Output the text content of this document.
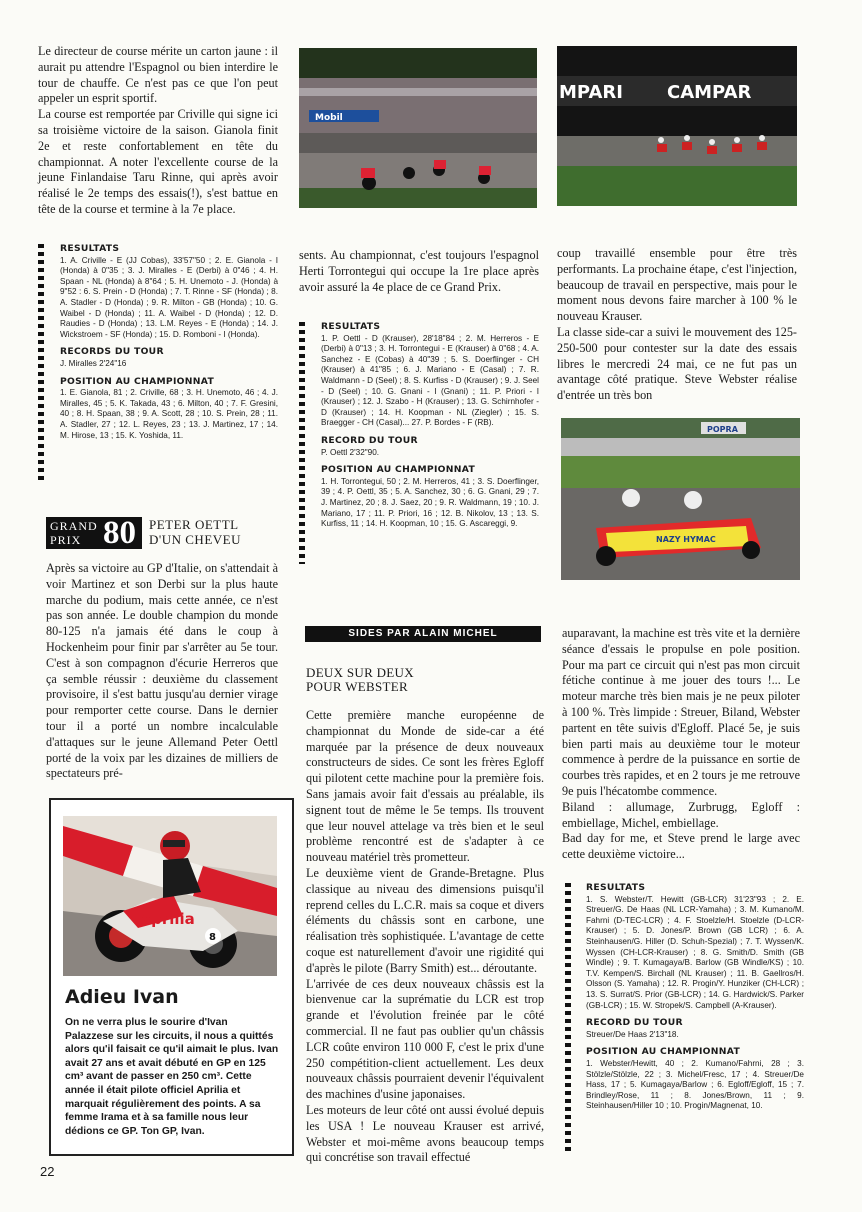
Le directeur de course mérite un carton jaune : il aurait pu attendre l'Espagnol ou bien interdire le tour de chauffe. Ce n'est pas ce que l'on peut appeler un esprit sportif.

La course est remportée par Criville qui signe ici sa troisième victoire de la saison. Gianola finit 2e et reste confortablement en tête du championnat. A noter l'excellente course de la jeune Finlandaise Taru Rinne, qui après avoir réalisé le 2e temps des essais(!), s'est battue en tête de la course et termine à la 7e place.

RESULTATS

1. A. Criville - E (JJ Cobas), 33'57"50 ; 2. E. Gianola - I (Honda) à 0"35 ; 3. J. Miralles - E (Derbi) à 0"46 ; 4. H. Spaan - NL (Honda) à 8"64 ; 5. H. Unemoto - J. (Honda) à 9"52 : 6. S. Prein - D (Honda) ; 7. T. Rinne - SF (Honda) ; 8. A. Stadler - D (Honda) ; 9. R. Milton - GB (Honda) ; 10. G. Waibel - D (Honda) ; 11. A. Waibel - D (Honda) ; 12. D. Raudies - D (Honda) ; 13. L.M. Reyes - E (Honda) ; 14. J. Wickstroem - SF (Honda) ; 15. D. Romboni - I (Honda).

RECORDS DU TOUR

J. Miralles 2'24"16

POSITION AU CHAMPIONNAT

1. E. Gianola, 81 ; 2. Criville, 68 ; 3. H. Unemoto, 46 ; 4. J. Miralles, 45 ; 5. K. Takada, 43 ; 6. Milton, 40 ; 7. F. Gresini, 40 ; 8. H. Spaan, 38 ; 9. A. Scott, 28 ; 10. S. Prein, 28 ; 11. A. Stadler, 27 ; 12. L. Reyes, 23 ; 13. J. Martinez, 17 ; 14. M. Hirose, 13 ; 15. K. Yoshida, 11.

GRAND
PRIX 80 PETER OETTL
D'UN CHEVEU

Après sa victoire au GP d'Italie, on s'attendait à voir Martinez et son Derbi sur la plus haute marche du podium, mais cette année, ce n'est pas son année. Le double champion du monde 80-125 n'a jamais été dans le coup à Hockenheim pour finir par s'arrêter au 5e tour. C'est à son compagnon d'écurie Herreros que ça semble réussir : deuxième du classement provisoire, il s'est battu jusqu'au dernier virage pour remporter cette course. Dans le dernier tour il a porté un nombre incalculable d'attaques sur le jeune Allemand Peter Oettl porté de la voix par les dizaines de milliers de spectateurs pré-

aprilia
8
Adieu Ivan
On ne verra plus le sourire d'Ivan Palazzese sur les circuits, il nous a quittés alors qu'il faisait ce qu'il aimait le plus. Ivan avait 27 ans et avait débuté en GP en 125 cm³ avant de passer en 250 cm³. Cette année il était pilote officiel Aprilia et marquait régulièrement des points. A sa femme Irama et à sa famille nous leur dédions ce GP. Ton GP, Ivan.
22
Mobil

sents. Au championnat, c'est toujours l'espagnol Herti Torrontegui qui occupe la 1re place après avoir assuré la 4e place de ce Grand Prix.

RESULTATS

1. P. Oettl - D (Krauser), 28'18"84 ; 2. M. Herreros - E (Derbi) à 0"13 ; 3. H. Torrontegui - E (Krauser) à 0"68 ; 4. A. Sanchez - E (Cobas) à 40"39 ; 5. S. Doerflinger - CH (Krauser) à 41"85 ; 6. J. Mariano - E (Casal) ; 7. R. Waldmann - D (Seel) ; 8. S. Kurfiss - D (Krauser) ; 9. J. Seel - D (Seel) ; 10. G. Gnani - I (Gnani) ; 11. P. Priori - I (Krauser) ; 12. J. Szabo - H (Krauser) ; 13. G. Schirnhofer - D (Krauser) ; 14. H. Koopman - NL (Ziegler) ; 15. S. Braegger - CH (Casal)... 27. P. Bordes - F (RB).

RECORD DU TOUR

P. Oettl 2'32"90.

POSITION AU CHAMPIONNAT

1. H. Torrontegui, 50 ; 2. M. Herreros, 41 ; 3. S. Doerflinger, 39 ; 4. P. Oettl, 35 ; 5. A. Sanchez, 30 ; 6. G. Gnani, 29 ; 7. J. Martinez, 20 ; 8. J. Saez, 20 ; 9. R. Waldmann, 19 ; 10. J. Mariano, 17 ; 11. P. Priori, 16 ; 12. B. Nikolov, 13 ; 13. S. Kurfiss, 11 ; 14. H. Koopman, 10 ; 15. G. Ascareggi, 9.

SIDES PAR ALAIN MICHEL
DEUX SUR DEUX
POUR WEBSTER

Cette première manche européenne de championnat du Monde de side-car a été marquée par la présence de deux nouveaux constructeurs de sides. Ce sont les frères Egloff qui pilotent cette machine pour la première fois. Sans jamais avoir fait d'essais au préalable, ils signent tout de même le 5e temps. Ils trouvent que leur nouvel attelage va très bien et le seul problème rencontré est de s'adapter à ce nouveau matériel très prometteur.

Le deuxième vient de Grande-Bretagne. Plus classique au niveau des dimensions puisqu'il reprend celles du L.C.R. mais sa coque et divers éléments du châssis sont en carbone, une réalisation très sophistiquée. L'avantage de cette coque est naturellement d'avoir une rigidité qui d'après le pilote (Barry Smith) est... déroutante.

L'arrivée de ces deux nouveaux châssis est la bienvenue car la suprématie du LCR est trop grande et l'évolution freinée par le côté commercial. Il ne faut pas oublier qu'un châssis LCR coûte environ 110 000 F, c'est le prix d'une 250 compétition-client actuellement. Les deux nouveaux châssis pourraient devenir l'équivalent des machines d'usine japonaises.

Les moteurs de leur côté ont aussi évolué depuis les USA ! Le nouveau Krauser est arrivé, Webster et moi-même avons beaucoup temps qui concrétise son travail effectué

MPARI CAMPAR

coup travaillé ensemble pour être très performants. La prochaine étape, c'est l'injection, beaucoup de travail en perspective, mais pour le moment nous devons faire marcher à 100 % le nouveau Krauser.

La classe side-car a suivi le mouvement des 125-250-500 pour contester sur la date des essais libres le mercredi 24 mai, ce ne fut pas un avantage côté pratique. Steve Webster réalise d'entrée un très bon

POPRA
NAZY HYMAC

auparavant, la machine est très vite et la dernière séance d'essais le propulse en pole position. Pour ma part ce circuit qui n'est pas mon circuit fétiche continue à me jouer des tours !... Le moteur marche très bien mais je ne peux piloter à 100 %. Très limpide : Streuer, Biland, Webster partent en tête suivis d'Egloff. Placé 5e, je suis bien parti mais au deuxième tour le moteur commence à perdre de la puissance en sortie de courbes très rapides, et en 2 tours je me retrouve 9e puis l'hécatombe commence.

Biland : allumage, Zurbrugg, Egloff : embiellage, Michel, embiellage.

Bad day for me, et Steve prend le large avec cette deuxième victoire...

RESULTATS

1. S. Webster/T. Hewitt (GB-LCR) 31'23"93 ; 2. E. Streuer/G. De Haas (NL LCR-Yamaha) ; 3. M. Kumano/M. Fahrni (D-TEC-LCR) ; 4. F. Stoelzle/H. Stoelzle (D-LCR-Krauser) ; 5. D. Jones/P. Brown (GB LCR) ; 6. A. Steinhausen/G. Hiller (D. Schuh-Spezial) ; 7. T. Wyssen/K. Wyssen (CH-LCR-Krauser) ; 8. G. Smith/D. Smith (GB Windle) ; 9. T. Kumagaya/B. Barlow (GB Windle/KS) ; 10. T.V. Kempen/S. Birchall (NL Krauser) ; 11. B. Gaellros/H. Olsson (S. Yamaha) ; 12. R. Progin/Y. Hunziker (CH-LCR) ; 13. S. Surrat/S. Prior (GB-LCR) ; 14. G. Hardwick/S. Parker (GB-LCR) ; 15. W. Stropek/S. Campbell (A-Krauser).

RECORD DU TOUR

Streuer/De Haas 2'13"18.

POSITION AU CHAMPIONNAT

1. Webster/Hewitt, 40 ; 2. Kumano/Fahrni, 28 ; 3. Stölzle/Stölzle, 22 ; 3. Michel/Fresc, 17 ; 4. Streuer/De Hass, 17 ; 5. Kumagaya/Barlow ; 6. Egloff/Egloff, 15 ; 7. Brindley/Rose, 11 ; 8. Jones/Brown, 11 ; 9. Steinhausen/Hiller 10 ; 10. Progin/Magnenat, 10.
